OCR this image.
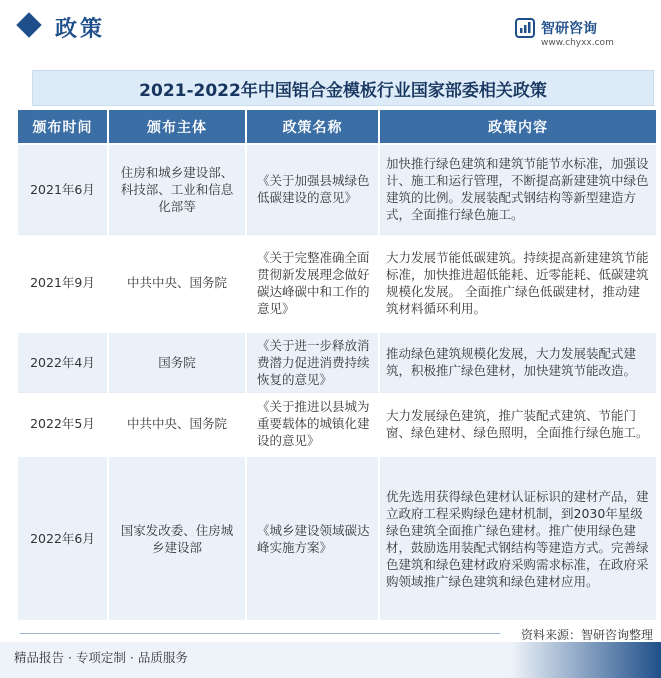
政策	智研咨询
www.chyxx.com
2021-2022年中国铝合金模板行业国家部委相关政策
颁布时间	颁布主体	政策名称	政策内容
2021年6月	住房和城乡建设部、科技部、工业和信息化部等	《关于加强县城绿色低碳建设的意见》	加快推行绿色建筑和建筑节能节水标准，加强设计、施工和运行管理，不断提高新建建筑中绿色建筑的比例。发展装配式钢结构等新型建造方式，全面推行绿色施工。
2021年9月	中共中央、国务院	《关于完整准确全面贯彻新发展理念做好碳达峰碳中和工作的意见》	大力发展节能低碳建筑。持续提高新建建筑节能标准，加快推进超低能耗、近零能耗、低碳建筑规模化发展。 全面推广绿色低碳建材，推动建筑材料循环利用。
2022年4月	国务院	《关于进一步释放消费潜力促进消费持续恢复的意见》	推动绿色建筑规模化发展，大力发展装配式建筑，积极推广绿色建材，加快建筑节能改造。
2022年5月	中共中央、国务院	《关于推进以县城为重要载体的城镇化建设的意见》	大力发展绿色建筑，推广装配式建筑、节能门窗、绿色建材、绿色照明，全面推行绿色施工。
2022年6月	国家发改委、住房城乡建设部	《城乡建设领域碳达峰实施方案》	优先选用获得绿色建材认证标识的建材产品，建立政府工程采购绿色建材机制，到2030年星级绿色建筑全面推广绿色建材。推广使用绿色建材，鼓励选用装配式钢结构等建造方式。完善绿色建筑和绿色建材政府采购需求标准，在政府采购领域推广绿色建筑和绿色建材应用。
资料来源：智研咨询整理
精品报告 · 专项定制 · 品质服务
